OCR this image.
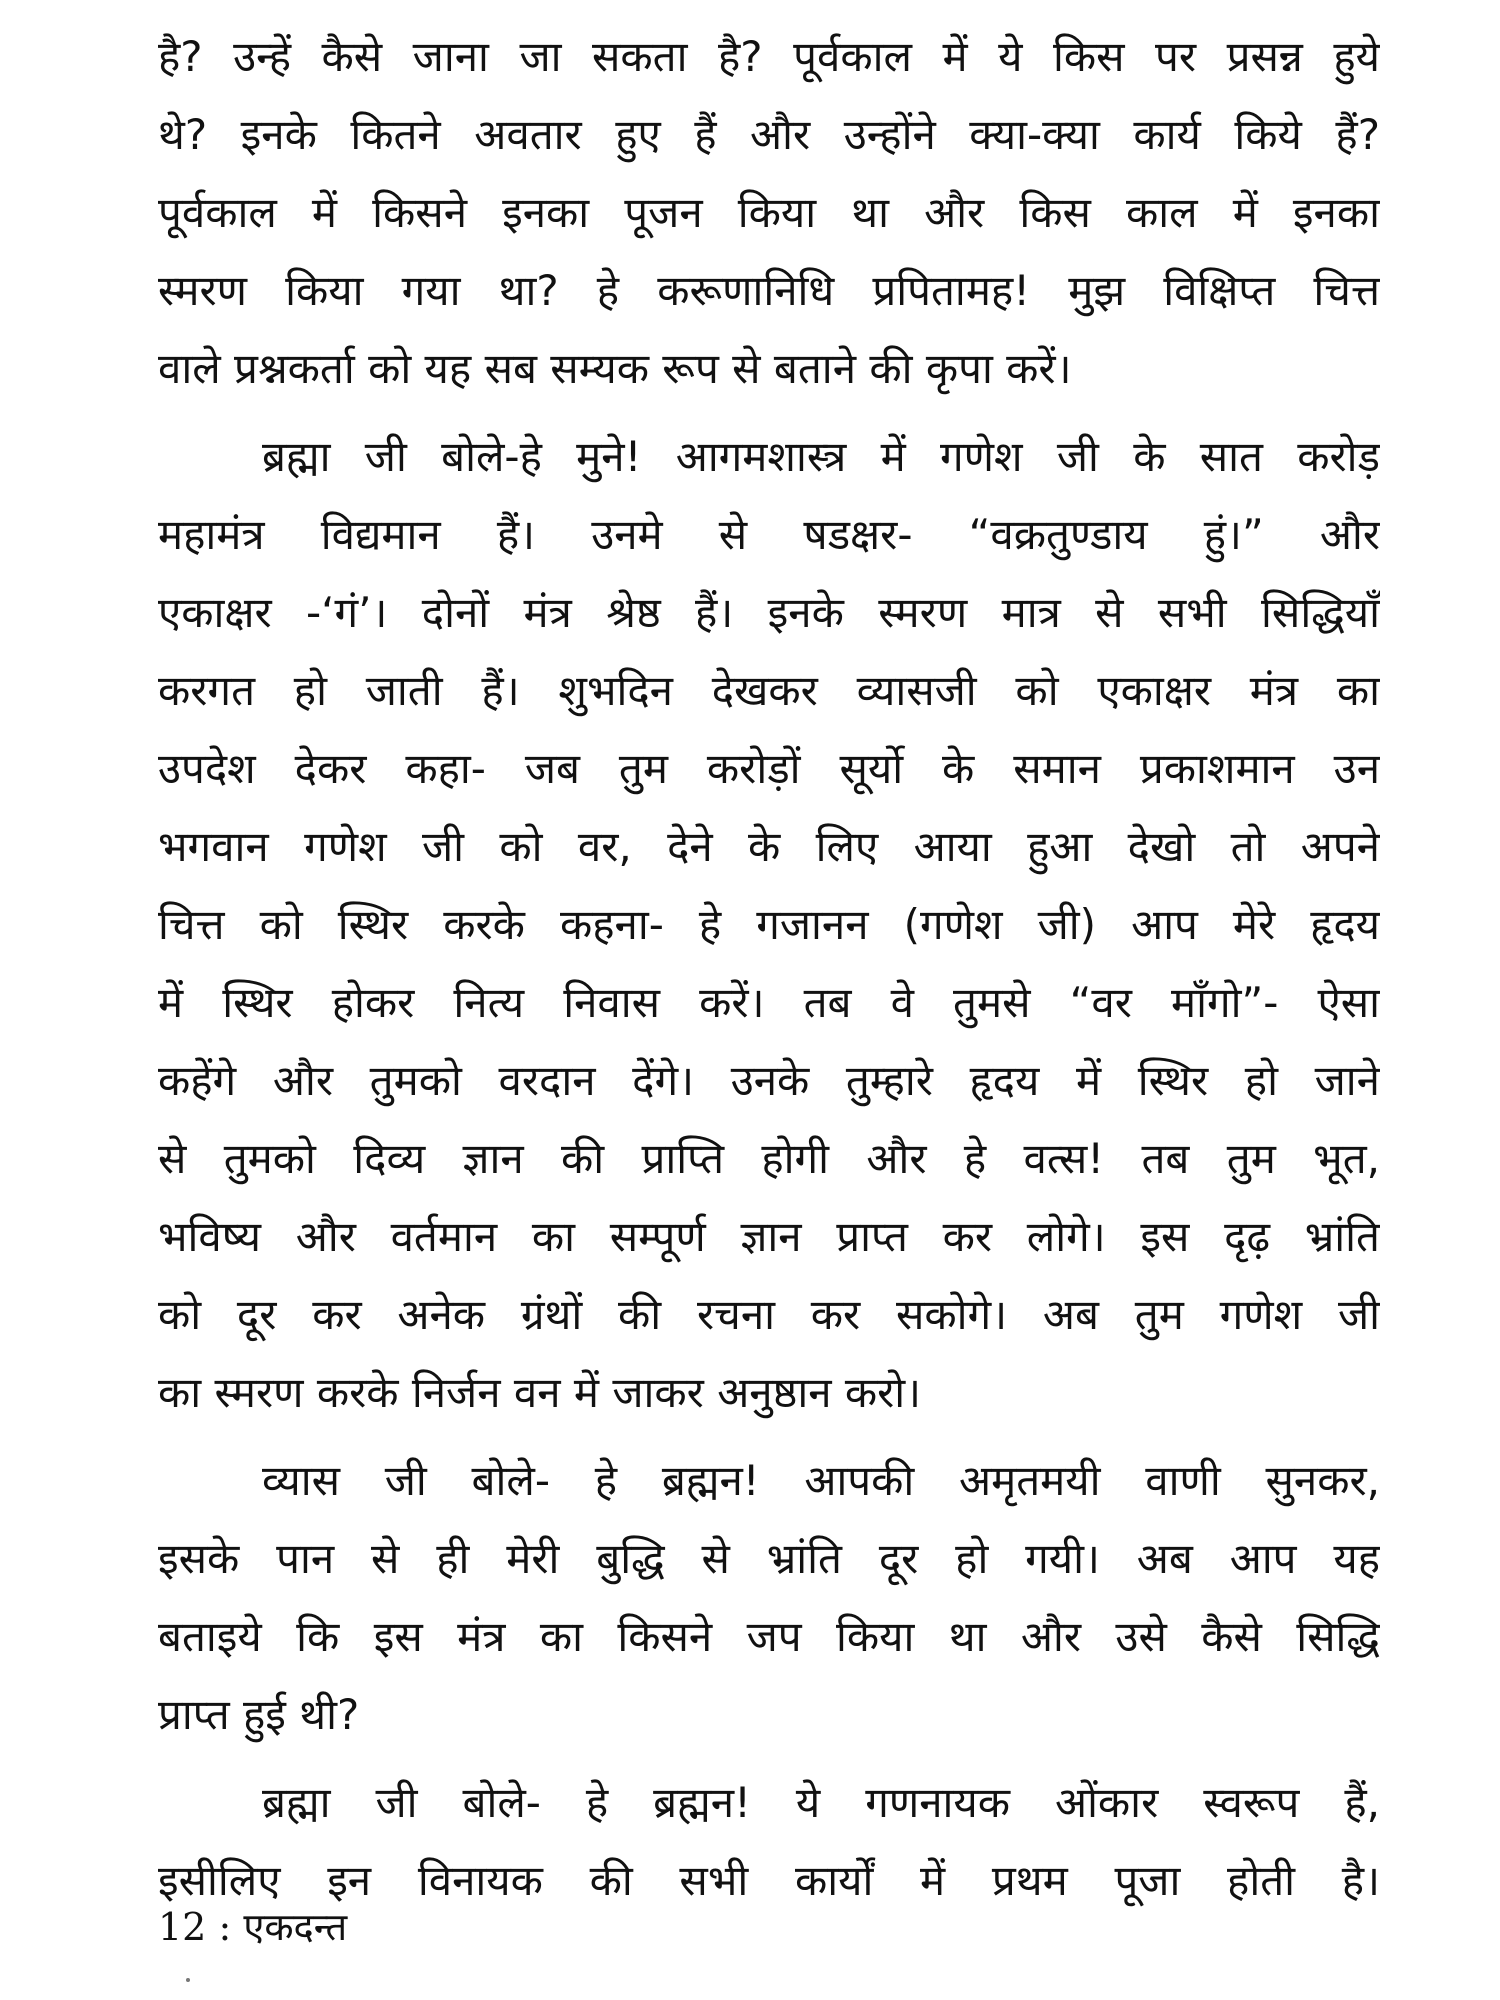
है? उन्हें कैसे जाना जा सकता है? पूर्वकाल में ये किस पर प्रसन्न हुये
थे? इनके कितने अवतार हुए हैं और उन्होंने क्या-क्या कार्य किये हैं?
पूर्वकाल में किसने इनका पूजन किया था और किस काल में इनका
स्मरण किया गया था? हे करूणानिधि प्रपितामह! मुझ विक्षिप्त चित्त
वाले प्रश्नकर्ता को यह सब सम्यक रूप से बताने की कृपा करें।
ब्रह्मा जी बोले-हे मुने! आगमशास्त्र में गणेश जी के सात करोड़
महामंत्र विद्यमान हैं। उनमे से षडक्षर- “वक्रतुण्डाय हुं।” और
एकाक्षर -‘गं’। दोनों मंत्र श्रेष्ठ हैं। इनके स्मरण मात्र से सभी सिद्धियाँ
करगत हो जाती हैं। शुभदिन देखकर व्यासजी को एकाक्षर मंत्र का
उपदेश देकर कहा- जब तुम करोड़ों सूर्यो के समान प्रकाशमान उन
भगवान गणेश जी को वर, देने के लिए आया हुआ देखो तो अपने
चित्त को स्थिर करके कहना- हे गजानन (गणेश जी) आप मेरे हृदय
में स्थिर होकर नित्य निवास करें। तब वे तुमसे “वर माँगो”- ऐसा
कहेंगे और तुमको वरदान देंगे। उनके तुम्हारे हृदय में स्थिर हो जाने
से तुमको दिव्य ज्ञान की प्राप्ति होगी और हे वत्स! तब तुम भूत,
भविष्य और वर्तमान का सम्पूर्ण ज्ञान प्राप्त कर लोगे। इस दृढ़ भ्रांति
को दूर कर अनेक ग्रंथों की रचना कर सकोगे। अब तुम गणेश जी
का स्मरण करके निर्जन वन में जाकर अनुष्ठान करो।
व्यास जी बोले- हे ब्रह्मन! आपकी अमृतमयी वाणी सुनकर,
इसके पान से ही मेरी बुद्धि से भ्रांति दूर हो गयी। अब आप यह
बताइये कि इस मंत्र का किसने जप किया था और उसे कैसे सिद्धि
प्राप्त हुई थी?
ब्रह्मा जी बोले- हे ब्रह्मन! ये गणनायक ओंकार स्वरूप हैं,
इसीलिए इन विनायक की सभी कार्यों में प्रथम पूजा होती है।
12 : एकदन्त
